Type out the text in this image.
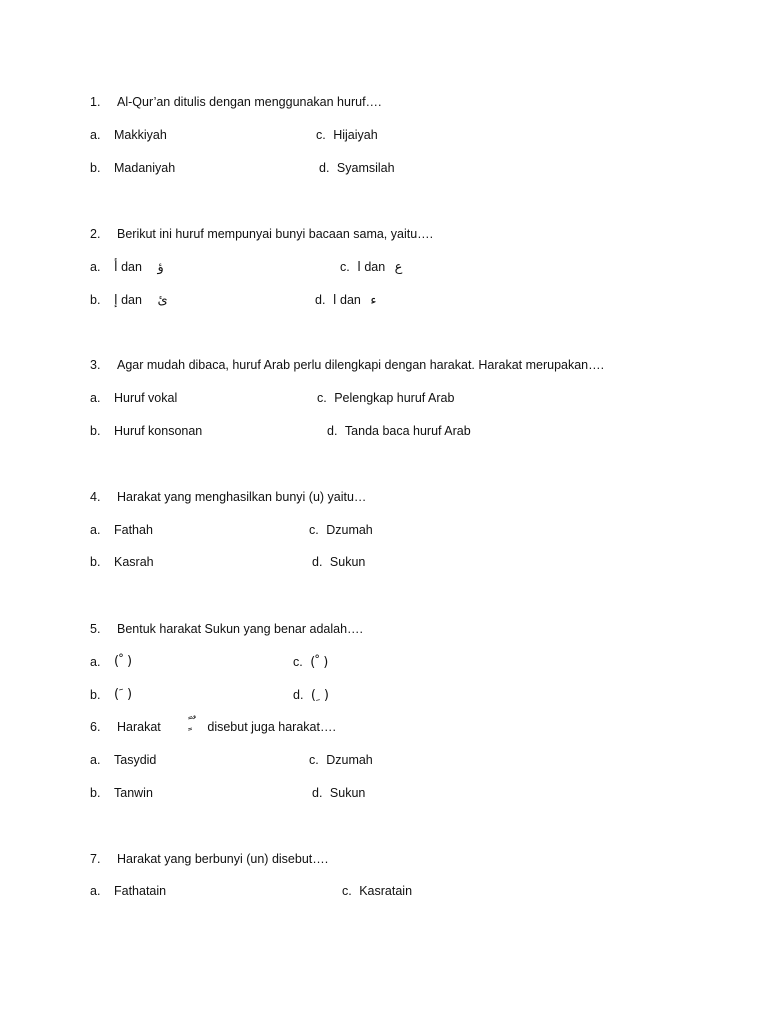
1. Al-Qur’an ditulis dengan menggunakan huruf….
a. Makkiyah	c. Hijaiyah
b. Madaniyah	d. Syamsilah
2. Berikut ini huruf mempunyai bunyi bacaan sama, yaitu….
a. أ dan ؤ	c. ا dan ع
b. إ dan ئ	d. ا dan ء
3. Agar mudah dibaca, huruf Arab perlu dilengkapi dengan harakat. Harakat merupakan….
a. Huruf vokal	c. Pelengkap huruf Arab
b. Huruf konsonan	d. Tanda baca huruf Arab
4. Harakat yang menghasilkan bunyi (u) yaitu…
a. Fathah	c. Dzumah
b. Kasrah	d. Sukun
5. Bentuk harakat Sukun yang benar adalah….
a. ( ْ )	c. ( ْ )
b. ( َ )	d. ( ِ )
6. Harakat ً ٍ ٌ disebut juga harakat….
a. Tasydid	c. Dzumah
b. Tanwin	d. Sukun
7. Harakat yang berbunyi (un) disebut….
a. Fathatain	c. Kasratain
